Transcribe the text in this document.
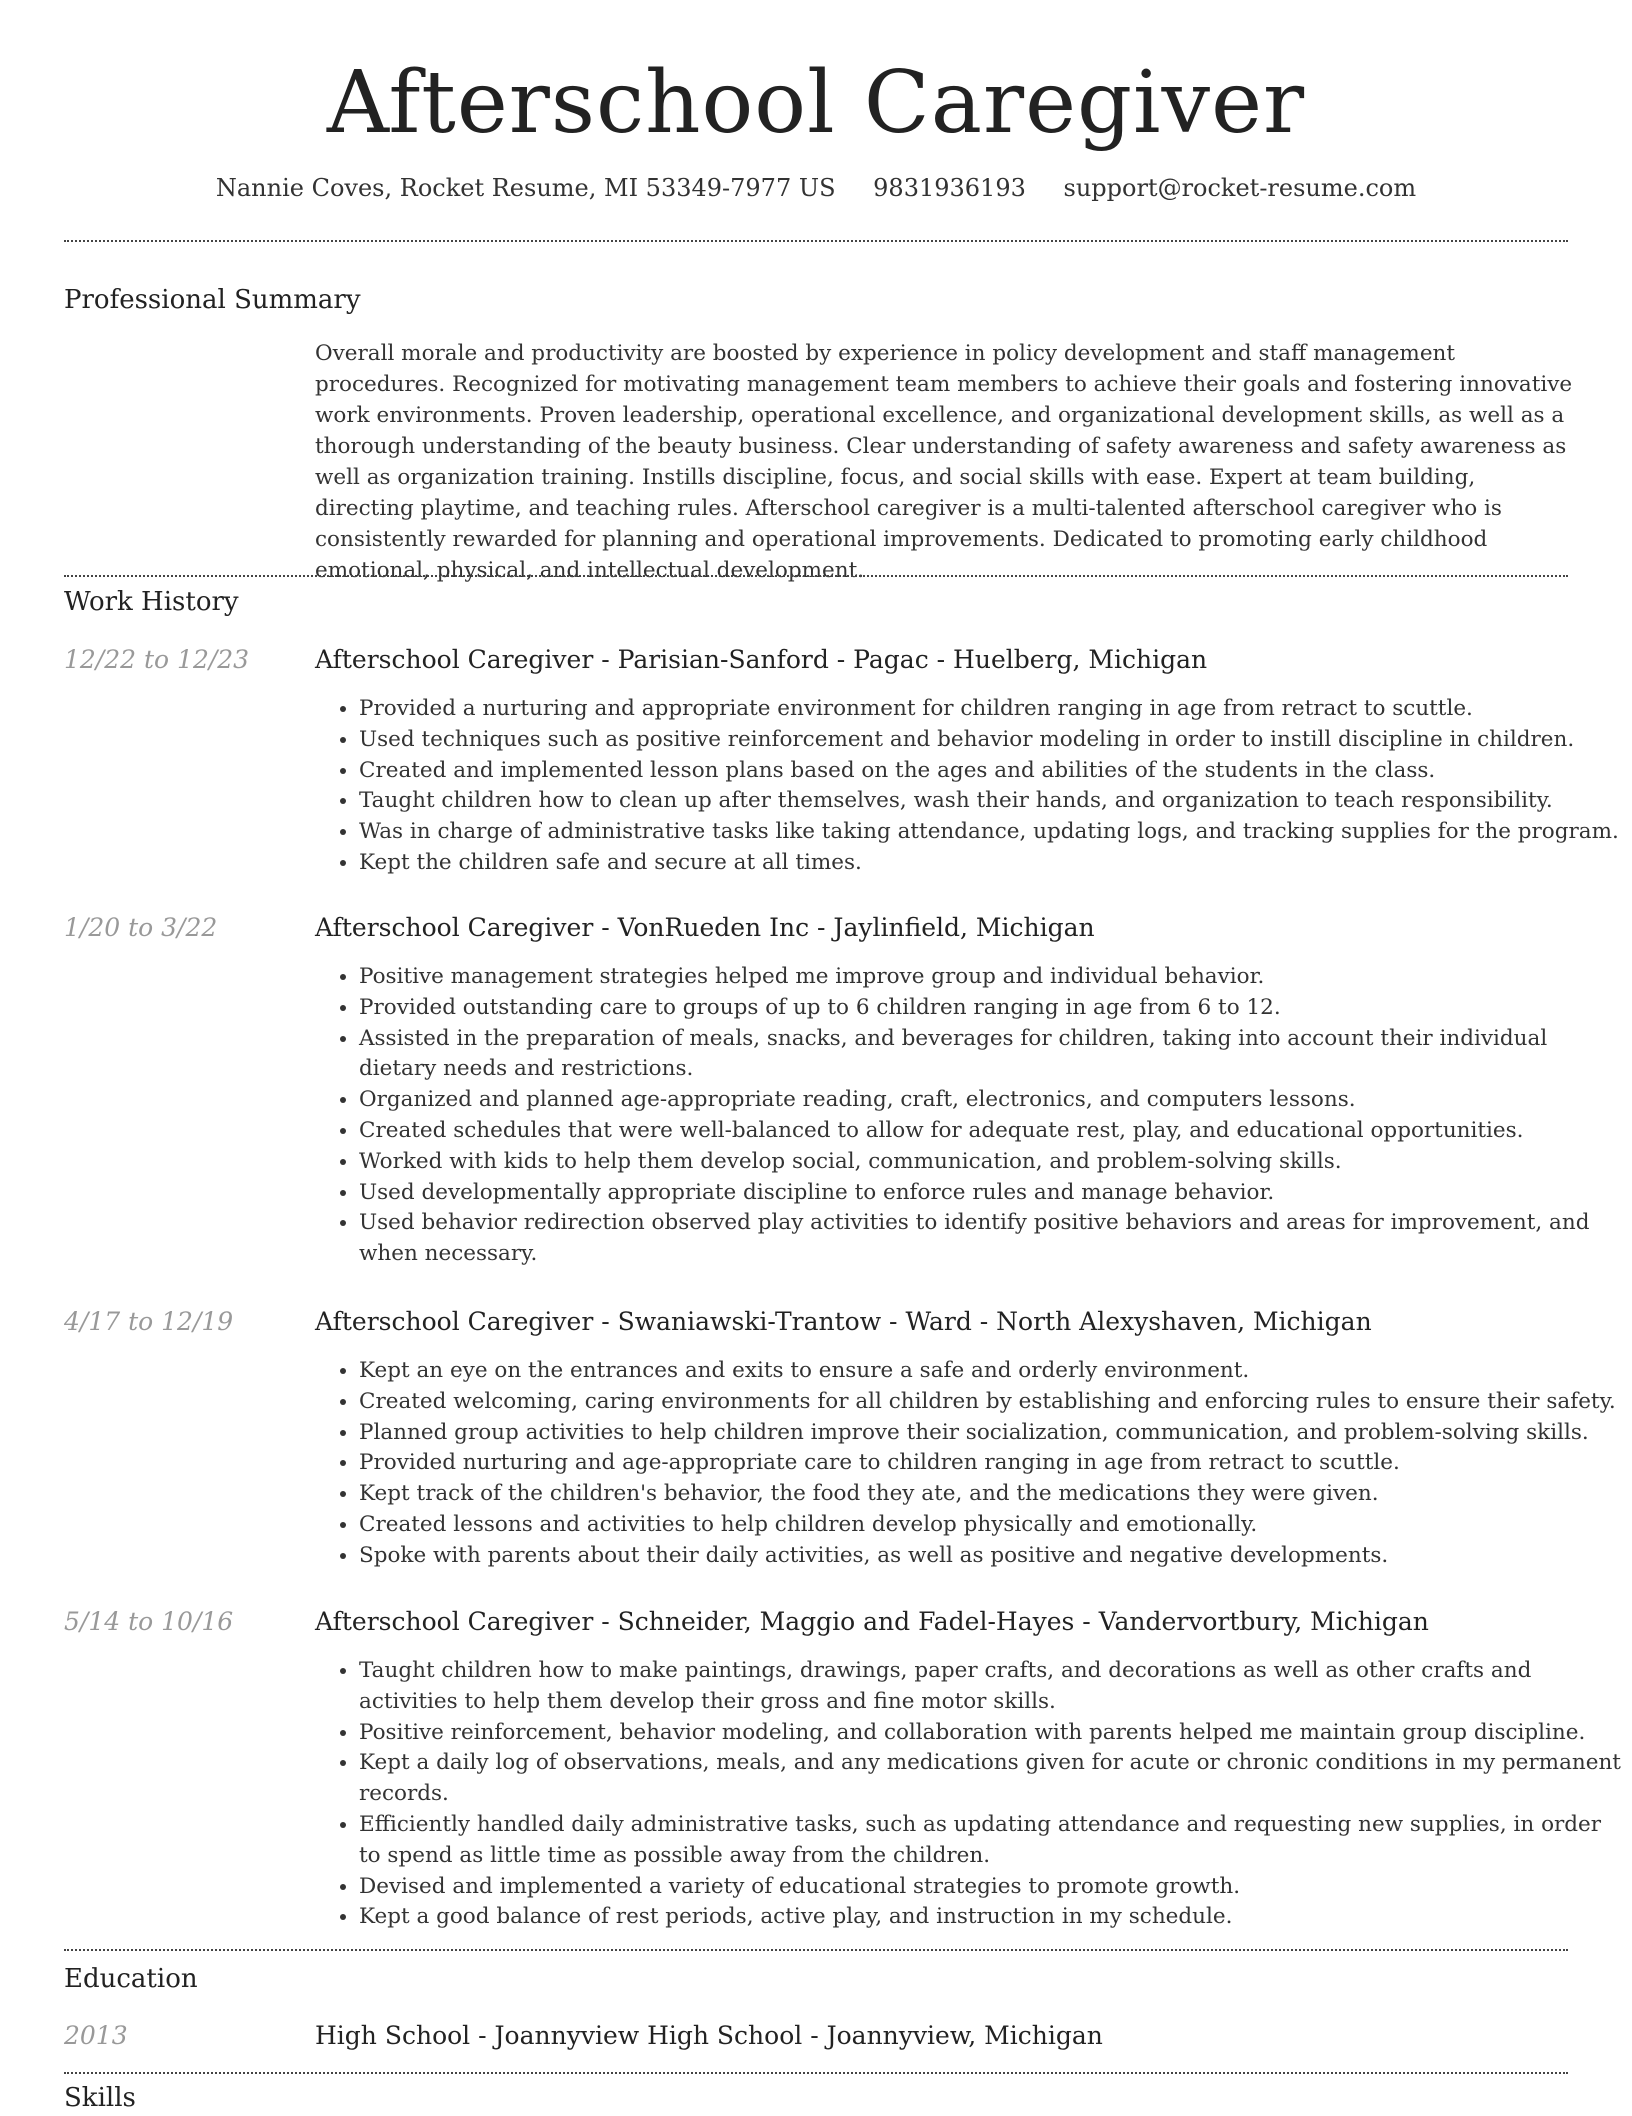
Afterschool Caregiver
Nannie Coves, Rocket Resume, MI 53349-7977 US 9831936193 support@rocket-resume.com
Professional Summary

Overall morale and productivity are boosted by experience in policy development and staff management procedures. Recognized for motivating management team members to achieve their goals and fostering innovative work environments. Proven leadership, operational excellence, and organizational development skills, as well as a thorough understanding of the beauty business. Clear understanding of safety awareness and safety awareness as well as organization training. Instills discipline, focus, and social skills with ease. Expert at team building, directing playtime, and teaching rules. Afterschool caregiver is a multi-talented afterschool caregiver who is consistently rewarded for planning and operational improvements. Dedicated to promoting early childhood emotional, physical, and intellectual development.

Work History
12/22 to 12/23	Afterschool Caregiver - Parisian-Sanford - Pagac - Huelberg, Michigan
• Provided a nurturing and appropriate environment for children ranging in age from retract to scuttle.
• Used techniques such as positive reinforcement and behavior modeling in order to instill discipline in children.
• Created and implemented lesson plans based on the ages and abilities of the students in the class.
• Taught children how to clean up after themselves, wash their hands, and organization to teach responsibility.
• Was in charge of administrative tasks like taking attendance, updating logs, and tracking supplies for the program.
• Kept the children safe and secure at all times.
1/20 to 3/22	Afterschool Caregiver - VonRueden Inc - Jaylinfield, Michigan
• Positive management strategies helped me improve group and individual behavior.
• Provided outstanding care to groups of up to 6 children ranging in age from 6 to 12.
• Assisted in the preparation of meals, snacks, and beverages for children, taking into account their individual dietary needs and restrictions.
• Organized and planned age-appropriate reading, craft, electronics, and computers lessons.
• Created schedules that were well-balanced to allow for adequate rest, play, and educational opportunities.
• Worked with kids to help them develop social, communication, and problem-solving skills.
• Used developmentally appropriate discipline to enforce rules and manage behavior.
• Used behavior redirection observed play activities to identify positive behaviors and areas for improvement, and when necessary.
4/17 to 12/19	Afterschool Caregiver - Swaniawski-Trantow - Ward - North Alexyshaven, Michigan
• Kept an eye on the entrances and exits to ensure a safe and orderly environment.
• Created welcoming, caring environments for all children by establishing and enforcing rules to ensure their safety.
• Planned group activities to help children improve their socialization, communication, and problem-solving skills.
• Provided nurturing and age-appropriate care to children ranging in age from retract to scuttle.
• Kept track of the children's behavior, the food they ate, and the medications they were given.
• Created lessons and activities to help children develop physically and emotionally.
• Spoke with parents about their daily activities, as well as positive and negative developments.
5/14 to 10/16	Afterschool Caregiver - Schneider, Maggio and Fadel-Hayes - Vandervortbury, Michigan
• Taught children how to make paintings, drawings, paper crafts, and decorations as well as other crafts and activities to help them develop their gross and fine motor skills.
• Positive reinforcement, behavior modeling, and collaboration with parents helped me maintain group discipline.
• Kept a daily log of observations, meals, and any medications given for acute or chronic conditions in my permanent records.
• Efficiently handled daily administrative tasks, such as updating attendance and requesting new supplies, in order to spend as little time as possible away from the children.
• Devised and implemented a variety of educational strategies to promote growth.
• Kept a good balance of rest periods, active play, and instruction in my schedule.
Education
2013	High School - Joannyview High School - Joannyview, Michigan
Skills
